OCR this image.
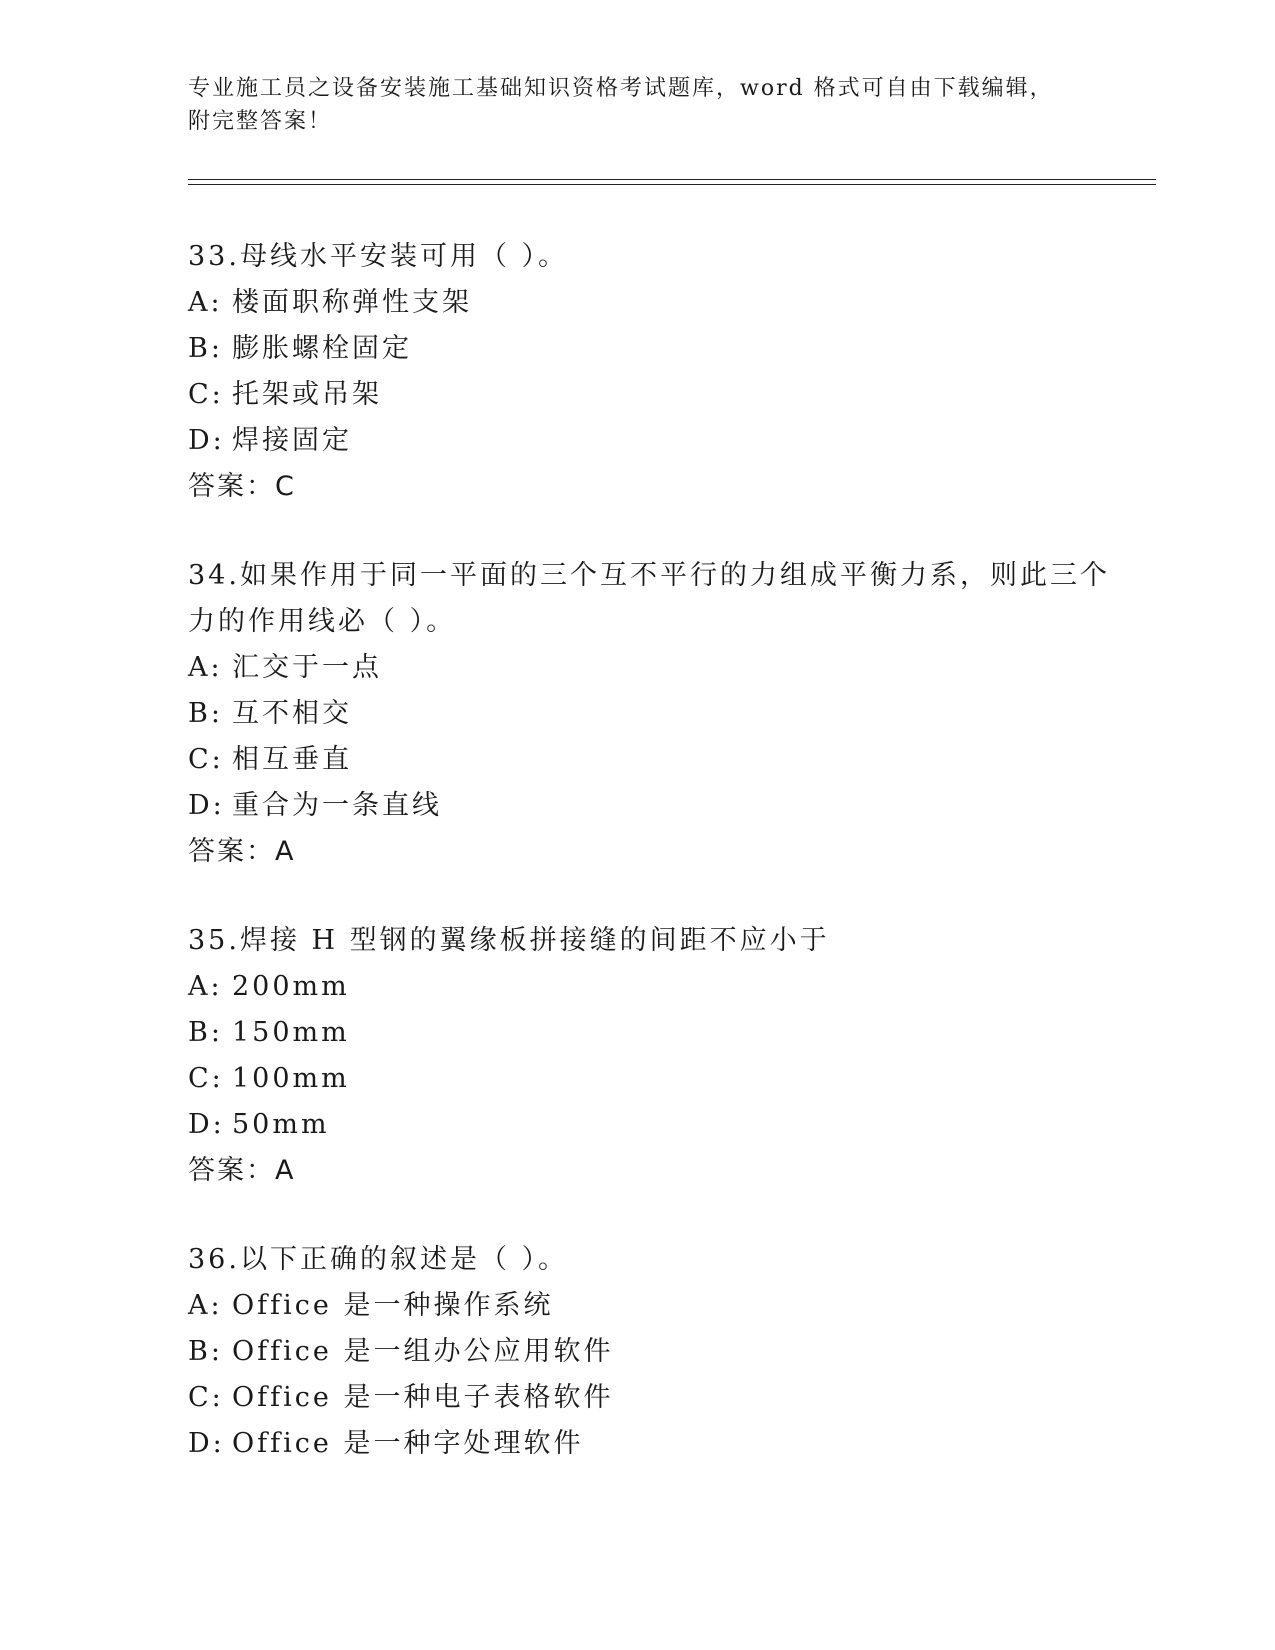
专业施工员之设备安装施工基础知识资格考试题库，word 格式可自由下载编辑，
附完整答案！
33.母线水平安装可用（ ）。
A: 楼面职称弹性支架
B: 膨胀螺栓固定
C: 托架或吊架
D: 焊接固定
答案：C
34.如果作用于同一平面的三个互不平行的力组成平衡力系，则此三个
力的作用线必（ ）。
A: 汇交于一点
B: 互不相交
C: 相互垂直
D: 重合为一条直线
答案：A
35.焊接 H 型钢的翼缘板拼接缝的间距不应小于
A: 200mm
B: 150mm
C: 100mm
D: 50mm
答案：A
36.以下正确的叙述是（ ）。
A: Office 是一种操作系统
B: Office 是一组办公应用软件
C: Office 是一种电子表格软件
D: Office 是一种字处理软件
